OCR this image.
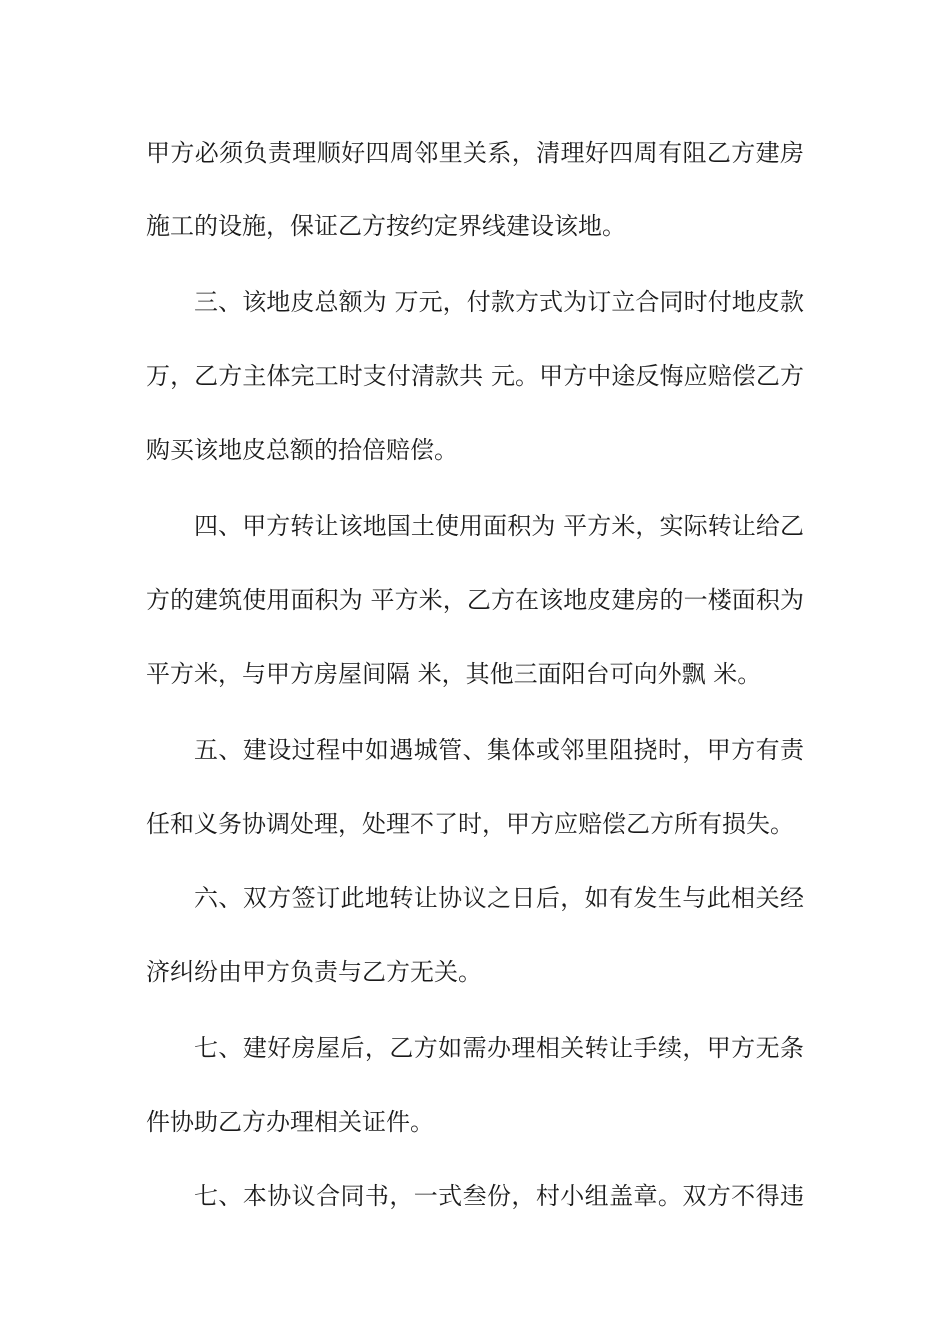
甲方必须负责理顺好四周邻里关系，清理好四周有阻乙方建房
施工的设施，保证乙方按约定界线建设该地。
三、该地皮总额为 万元，付款方式为订立合同时付地皮款
万，乙方主体完工时支付清款共 元。甲方中途反悔应赔偿乙方
购买该地皮总额的拾倍赔偿。
四、甲方转让该地国土使用面积为 平方米，实际转让给乙
方的建筑使用面积为 平方米，乙方在该地皮建房的一楼面积为
平方米，与甲方房屋间隔 米，其他三面阳台可向外飘 米。
五、建设过程中如遇城管、集体或邻里阻挠时，甲方有责
任和义务协调处理，处理不了时，甲方应赔偿乙方所有损失。
六、双方签订此地转让协议之日后，如有发生与此相关经
济纠纷由甲方负责与乙方无关。
七、建好房屋后，乙方如需办理相关转让手续，甲方无条
件协助乙方办理相关证件。
七、本协议合同书，一式叁份，村小组盖章。双方不得违
